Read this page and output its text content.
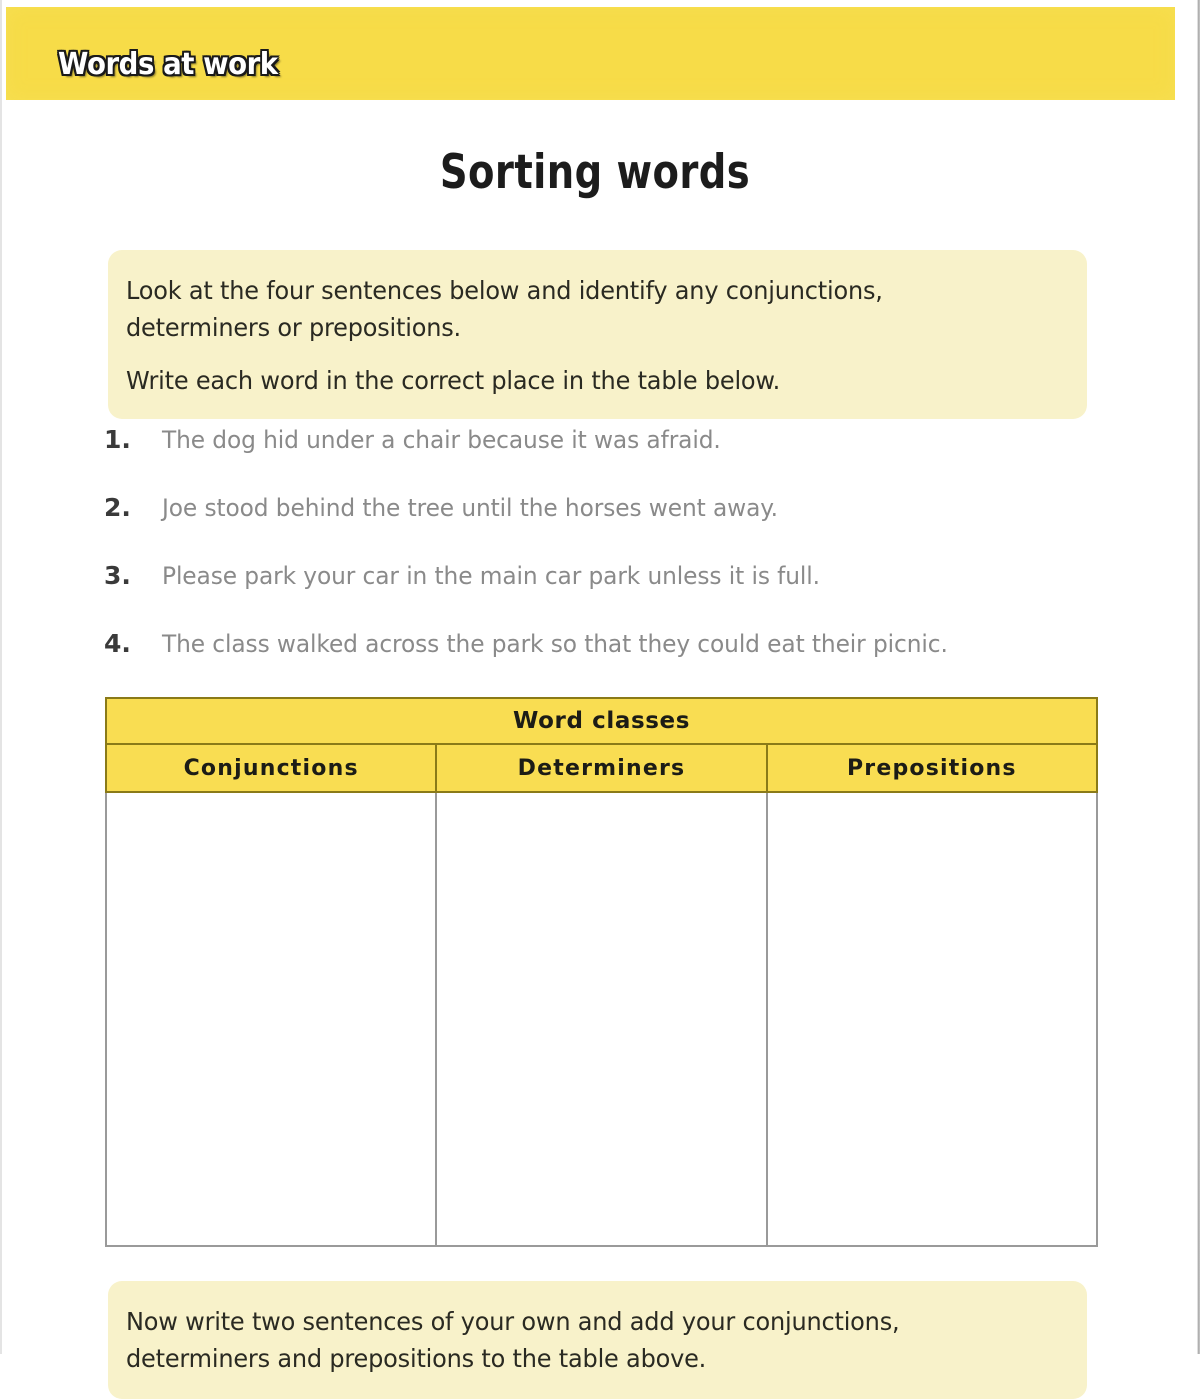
Words at work
Sorting words

Look at the four sentences below and identify any conjunctions, determiners or prepositions.

Write each word in the correct place in the table below.

1.	The dog hid under a chair because it was afraid.
2.	Joe stood behind the tree until the horses went away.
3.	Please park your car in the main car park unless it is full.
4.	The class walked across the park so that they could eat their picnic.
Word classes		
Conjunctions	Determiners	Prepositions

Now write two sentences of your own and add your conjunctions,

determiners and prepositions to the table above.
